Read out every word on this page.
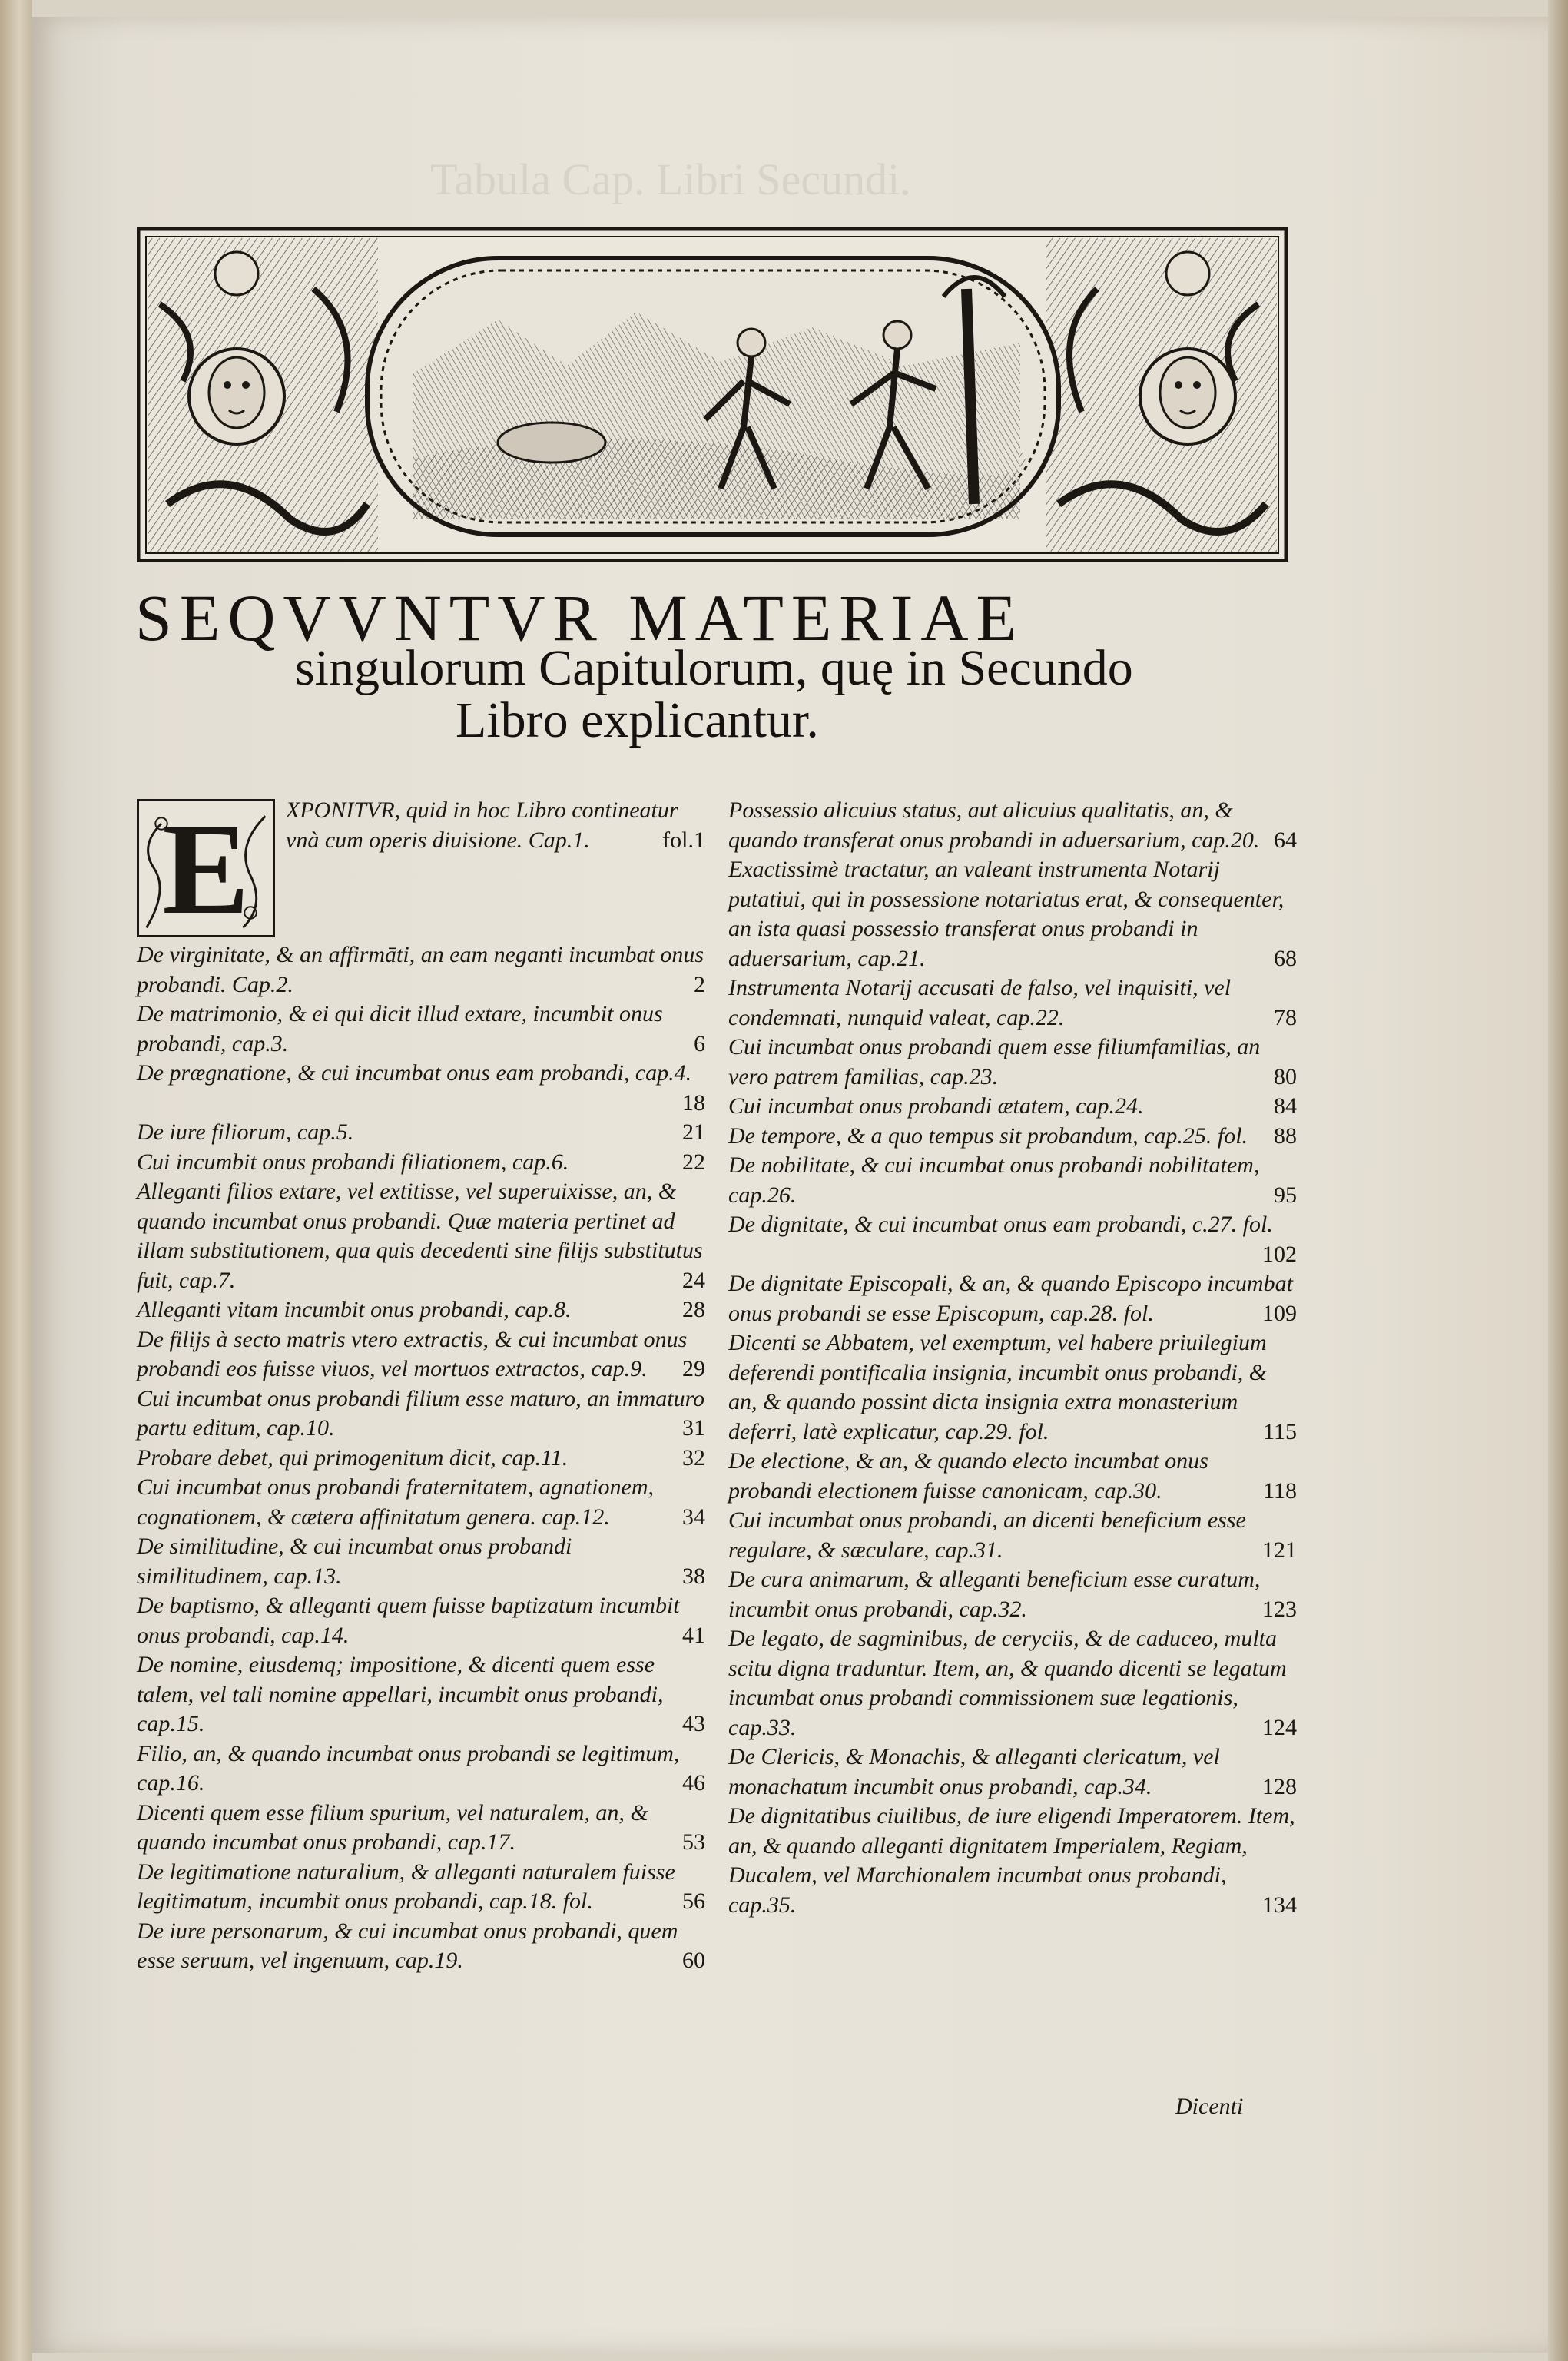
Tabula Cap. Libri Secundi.
SEQVVNTVR MATERIAE
singulorum Capitulorum, quę in Secundo
Libro explicantur.
E	XPONITVR, quid in hoc Libro contineatur vnà cum operis diuisione. Cap.1.	fol.1

De virginitate, & an affirmāti, an eam neganti incumbat onus probandi. Cap.2.	2

De matrimonio, & ei qui dicit illud extare, incumbit onus probandi, cap.3.	6

De prægnatione, & cui incumbat onus eam probandi, cap.4.
18

De iure filiorum, cap.5.	21

Cui incumbit onus probandi filiationem, cap.6.	22

Alleganti filios extare, vel extitisse, vel superuixisse, an, & quando incumbat onus probandi. Quæ materia pertinet ad illam substitutionem, qua quis decedenti sine filijs substitutus fuit, cap.7.	24

Alleganti vitam incumbit onus probandi, cap.8.	28

De filijs à secto matris vtero extractis, & cui incumbat onus probandi eos fuisse viuos, vel mortuos extractos, cap.9. 29

Cui incumbat onus probandi filium esse maturo, an immaturo partu editum, cap.10.	31

Probare debet, qui primogenitum dicit, cap.11.	32

Cui incumbat onus probandi fraternitatem, agnationem, cognationem, & cætera affinitatum genera. cap.12.	34

De similitudine, & cui incumbat onus probandi similitudinem, cap.13.	38

De baptismo, & alleganti quem fuisse baptizatum incumbit onus probandi, cap.14.	41

De nomine, eiusdemq; impositione, & dicenti quem esse talem, vel tali nomine appellari, incumbit onus probandi, cap.15.	43

Filio, an, & quando incumbat onus probandi se legitimum, cap.16.	46

Dicenti quem esse filium spurium, vel naturalem, an, & quando incumbat onus probandi, cap.17.	53

De legitimatione naturalium, & alleganti naturalem fuisse legitimatum, incumbit onus probandi, cap.18. fol.	56

De iure personarum, & cui incumbat onus probandi, quem esse seruum, vel ingenuum, cap.19.	60

Possessio alicuius status, aut alicuius qualitatis, an, & quando transferat onus probandi in aduersarium, cap.20. 64

Exactissimè tractatur, an valeant instrumenta Notarij putatiui, qui in possessione notariatus erat, & consequenter, an ista quasi possessio transferat onus probandi in aduersarium, cap.21.	68

Instrumenta Notarij accusati de falso, vel inquisiti, vel condemnati, nunquid valeat, cap.22.	78

Cui incumbat onus probandi quem esse filiumfamilias, an vero patrem familias, cap.23.	80

Cui incumbat onus probandi ætatem, cap.24.	84

De tempore, & a quo tempus sit probandum, cap.25. fol. 88

De nobilitate, & cui incumbat onus probandi nobilitatem, cap.26.	95

De dignitate, & cui incumbat onus eam probandi, c.27. fol.
102

De dignitate Episcopali, & an, & quando Episcopo incumbat onus probandi se esse Episcopum, cap.28. fol.	109

Dicenti se Abbatem, vel exemptum, vel habere priuilegium deferendi pontificalia insignia, incumbit onus probandi, & an, & quando possint dicta insignia extra monasterium deferri, latè explicatur, cap.29. fol.	115

De electione, & an, & quando electo incumbat onus probandi electionem fuisse canonicam, cap.30.	118

Cui incumbat onus probandi, an dicenti beneficium esse regulare, & sæculare, cap.31.	121

De cura animarum, & alleganti beneficium esse curatum, incumbit onus probandi, cap.32.	123

De legato, de sagminibus, de ceryciis, & de caduceo, multa scitu digna traduntur. Item, an, & quando dicenti se legatum incumbat onus probandi commissionem suæ legationis, cap.33.	124

De Clericis, & Monachis, & alleganti clericatum, vel monachatum incumbit onus probandi, cap.34.	128

De dignitatibus ciuilibus, de iure eligendi Imperatorem. Item, an, & quando alleganti dignitatem Imperialem, Regiam, Ducalem, vel Marchionalem incumbat onus probandi, cap.35.	134

Dicenti
